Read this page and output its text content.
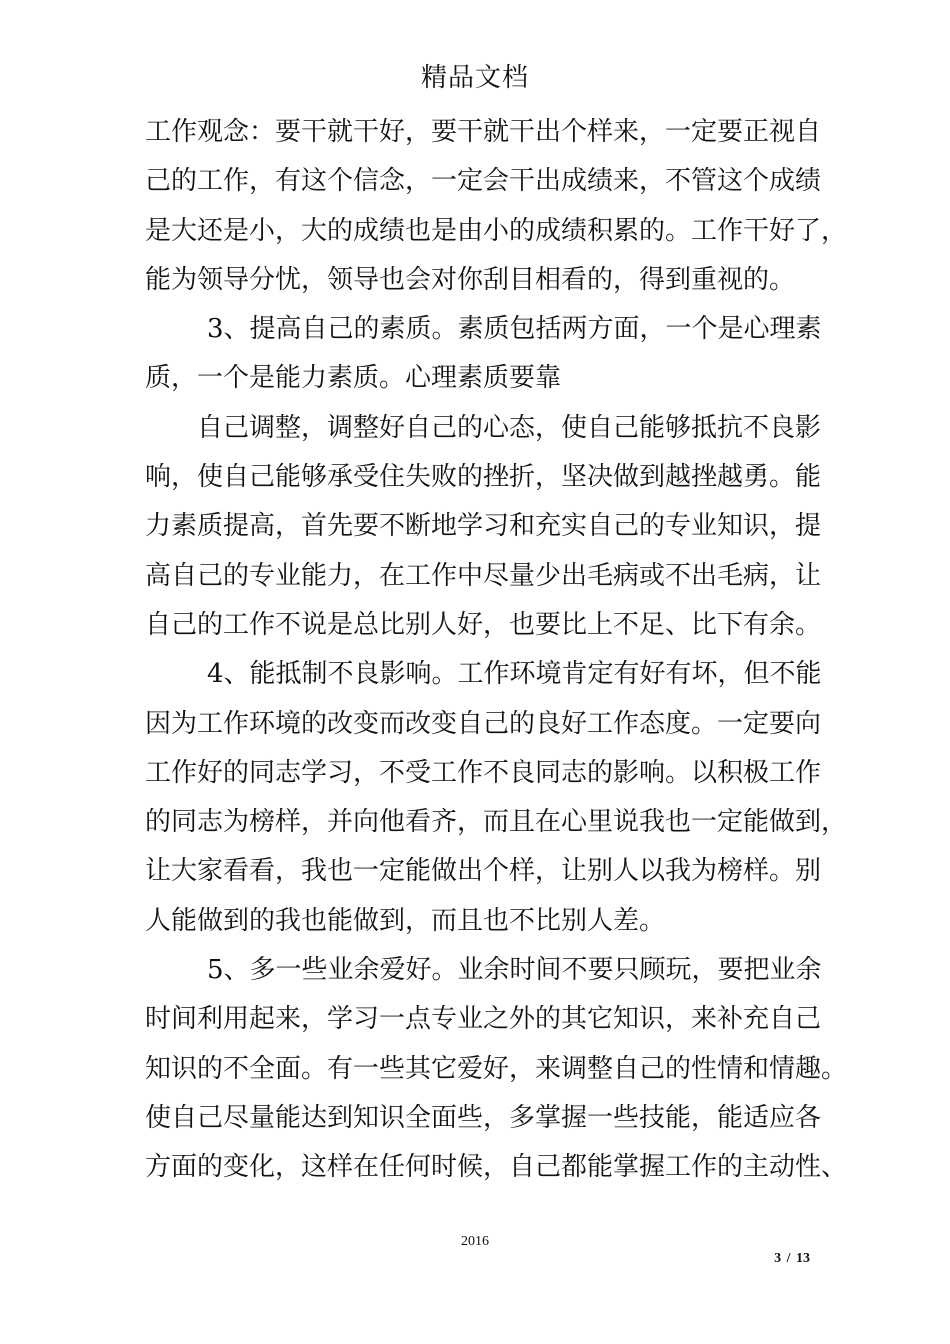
精品文档
工作观念：要干就干好，要干就干出个样来，一定要正视自
己的工作，有这个信念，一定会干出成绩来，不管这个成绩
是大还是小，大的成绩也是由小的成绩积累的。工作干好了，
能为领导分忧，领导也会对你刮目相看的，得到重视的。
3、提高自己的素质。素质包括两方面，一个是心理素
质，一个是能力素质。心理素质要靠
自己调整，调整好自己的心态，使自己能够抵抗不良影
响，使自己能够承受住失败的挫折，坚决做到越挫越勇。能
力素质提高，首先要不断地学习和充实自己的专业知识，提
高自己的专业能力，在工作中尽量少出毛病或不出毛病，让
自己的工作不说是总比别人好，也要比上不足、比下有余。
4、能抵制不良影响。工作环境肯定有好有坏，但不能
因为工作环境的改变而改变自己的良好工作态度。一定要向
工作好的同志学习，不受工作不良同志的影响。以积极工作
的同志为榜样，并向他看齐，而且在心里说我也一定能做到，
让大家看看，我也一定能做出个样，让别人以我为榜样。别
人能做到的我也能做到，而且也不比别人差。
5、多一些业余爱好。业余时间不要只顾玩，要把业余
时间利用起来，学习一点专业之外的其它知识，来补充自己
知识的不全面。有一些其它爱好，来调整自己的性情和情趣。
使自己尽量能达到知识全面些，多掌握一些技能，能适应各
方面的变化，这样在任何时候，自己都能掌握工作的主动性、
2016
3 / 13
